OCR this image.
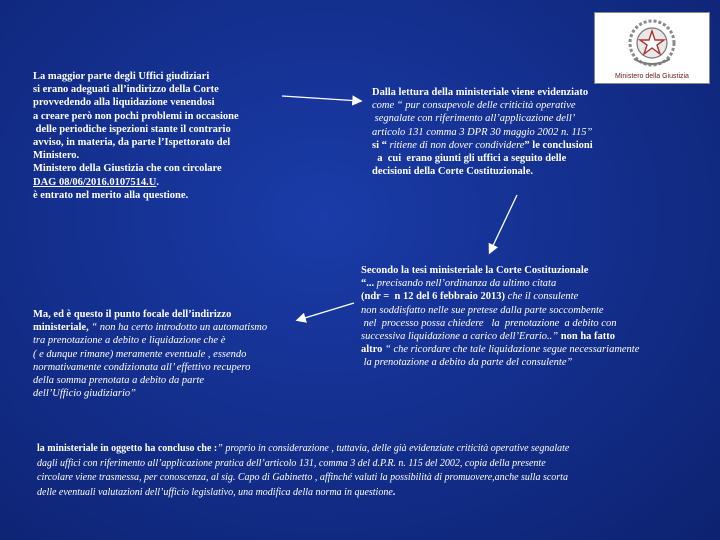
Ministero della Giustizia
La maggior parte degli Uffici giudiziari
si erano adeguati all’indirizzo della Corte
provvedendo alla liquidazione venendosi
a creare però non pochi problemi in occasione
delle periodiche ispezioni stante il contrario
avviso, in materia, da parte l’Ispettorato del
Ministero.
Ministero della Giustizia che con circolare
DAG 08/06/2016.0107514.U.
è entrato nel merito alla questione.
Dalla lettura della ministeriale viene evidenziato
come “ pur consapevole delle criticità operative
segnalate con riferimento all’applicazione dell’
articolo 131 comma 3 DPR 30 maggio 2002 n. 115”
si “ ritiene di non dover condividere” le conclusioni
a  cui  erano giunti gli uffici a seguito delle
decisioni della Corte Costituzionale.
Secondo la tesi ministeriale la Corte Costituzionale
“... precisando nell’ordinanza da ultimo citata
(ndr =  n 12 del 6 febbraio 2013) che il consulente
non soddisfatto nelle sue pretese dalla parte soccombente
nel  processo possa chiedere   la  prenotazione  a debito con
successiva liquidazione a carico dell’Erario..” non ha fatto
altro “ che ricordare che tale liquidazione segue necessariamente
la prenotazione a debito da parte del consulente”
Ma, ed è questo il punto focale dell’indirizzo
ministeriale, “ non ha certo introdotto un automatismo
tra prenotazione a debito e liquidazione che è
( e dunque rimane) meramente eventuale , essendo
normativamente condizionata all’ effettivo recupero
della somma prenotata a debito da parte
dell’Ufficio giudiziario”
la ministeriale in oggetto ha concluso che :” proprio in considerazione , tuttavia, delle già evidenziate criticità operative segnalate
dagli uffici con riferimento all’applicazione pratica dell’articolo 131, comma 3 del d.P.R. n. 115 del 2002, copia della presente
circolare viene trasmessa, per conoscenza, al sig. Capo di Gabinetto , affinché valuti la possibilità di promuovere,anche sulla scorta
delle eventuali valutazioni dell’ufficio legislativo, una modifica della norma in questione.
